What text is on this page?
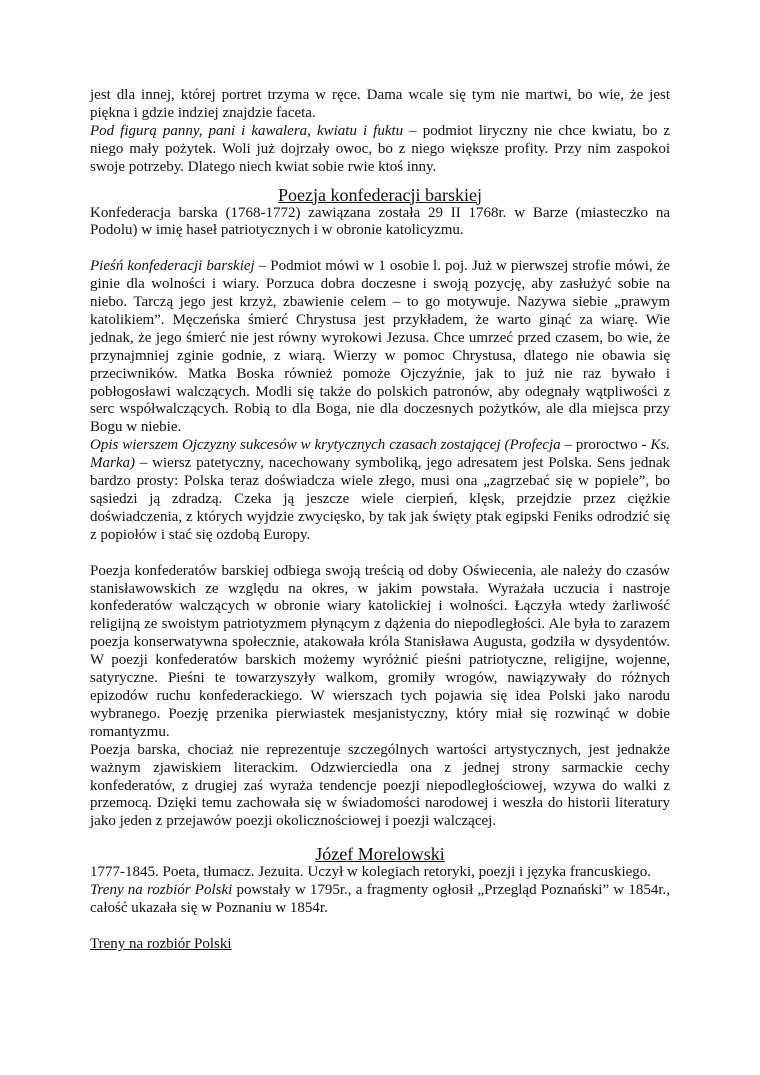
jest dla innej, której portret trzyma w ręce. Dama wcale się tym nie martwi, bo wie, że jest piękna i gdzie indziej znajdzie faceta.

Pod figurą panny, pani i kawalera, kwiatu i fuktu – podmiot liryczny nie chce kwiatu, bo z niego mały pożytek. Woli już dojrzały owoc, bo z niego większe profity. Przy nim zaspokoi swoje potrzeby. Dlatego niech kwiat sobie rwie ktoś inny.

Poezja konfederacji barskiej

Konfederacja barska (1768-1772) zawiązana została 29 II 1768r. w Barze (miasteczko na Podolu) w imię haseł patriotycznych i w obronie katolicyzmu.

Pieśń konfederacji barskiej – Podmiot mówi w 1 osobie l. poj. Już w pierwszej strofie mówi, że ginie dla wolności i wiary. Porzuca dobra doczesne i swoją pozycję, aby zasłużyć sobie na niebo. Tarczą jego jest krzyż, zbawienie celem – to go motywuje. Nazywa siebie „prawym katolikiem”. Męczeńska śmierć Chrystusa jest przykładem, że warto ginąć za wiarę. Wie jednak, że jego śmierć nie jest równy wyrokowi Jezusa. Chce umrzeć przed czasem, bo wie, że przynajmniej zginie godnie, z wiarą. Wierzy w pomoc Chrystusa, dlatego nie obawia się przeciwników. Matka Boska również pomoże Ojczyźnie, jak to już nie raz bywało i pobłogosławi walczących. Modli się także do polskich patronów, aby odegnały wątpliwości z serc współwalczących. Robią to dla Boga, nie dla doczesnych pożytków, ale dla miejsca przy Bogu w niebie.

Opis wierszem Ojczyzny sukcesów w krytycznych czasach zostającej (Profecja – proroctwo - Ks. Marka) – wiersz patetyczny, nacechowany symboliką, jego adresatem jest Polska. Sens jednak bardzo prosty: Polska teraz doświadcza wiele złego, musi ona „zagrzebać się w popiele”, bo sąsiedzi ją zdradzą. Czeka ją jeszcze wiele cierpień, klęsk, przejdzie przez ciężkie doświadczenia, z których wyjdzie zwycięsko, by tak jak święty ptak egipski Feniks odrodzić się z popiołów i stać się ozdobą Europy.

Poezja konfederatów barskiej odbiega swoją treścią od doby Oświecenia, ale należy do czasów stanisławowskich ze względu na okres, w jakim powstała. Wyrażała uczucia i nastroje konfederatów walczących w obronie wiary katolickiej i wolności. Łączyła wtedy żarliwość religijną ze swoistym patriotyzmem płynącym z dążenia do niepodległości. Ale była to zarazem poezja konserwatywna społecznie, atakowała króla Stanisława Augusta, godziła w dysydentów. W poezji konfederatów barskich możemy wyróżnić pieśni patriotyczne, religijne, wojenne, satyryczne. Pieśni te towarzyszyły walkom, gromiły wrogów, nawiązywały do różnych epizodów ruchu konfederackiego. W wierszach tych pojawia się idea Polski jako narodu wybranego. Poezję przenika pierwiastek mesjanistyczny, który miał się rozwinąć w dobie romantyzmu.

Poezja barska, chociaż nie reprezentuje szczególnych wartości artystycznych, jest jednakże ważnym zjawiskiem literackim. Odzwierciedla ona z jednej strony sarmackie cechy konfederatów, z drugiej zaś wyraża tendencje poezji niepodległościowej, wzywa do walki z przemocą. Dzięki temu zachowała się w świadomości narodowej i weszła do historii literatury jako jeden z przejawów poezji okolicznościowej i poezji walczącej.

Józef Morelowski

1777-1845. Poeta, tłumacz. Jezuita. Uczył w kolegiach retoryki, poezji i języka francuskiego.

Treny na rozbiór Polski powstały w 1795r., a fragmenty ogłosił „Przegląd Poznański” w 1854r., całość ukazała się w Poznaniu w 1854r.

Treny na rozbiór Polski
